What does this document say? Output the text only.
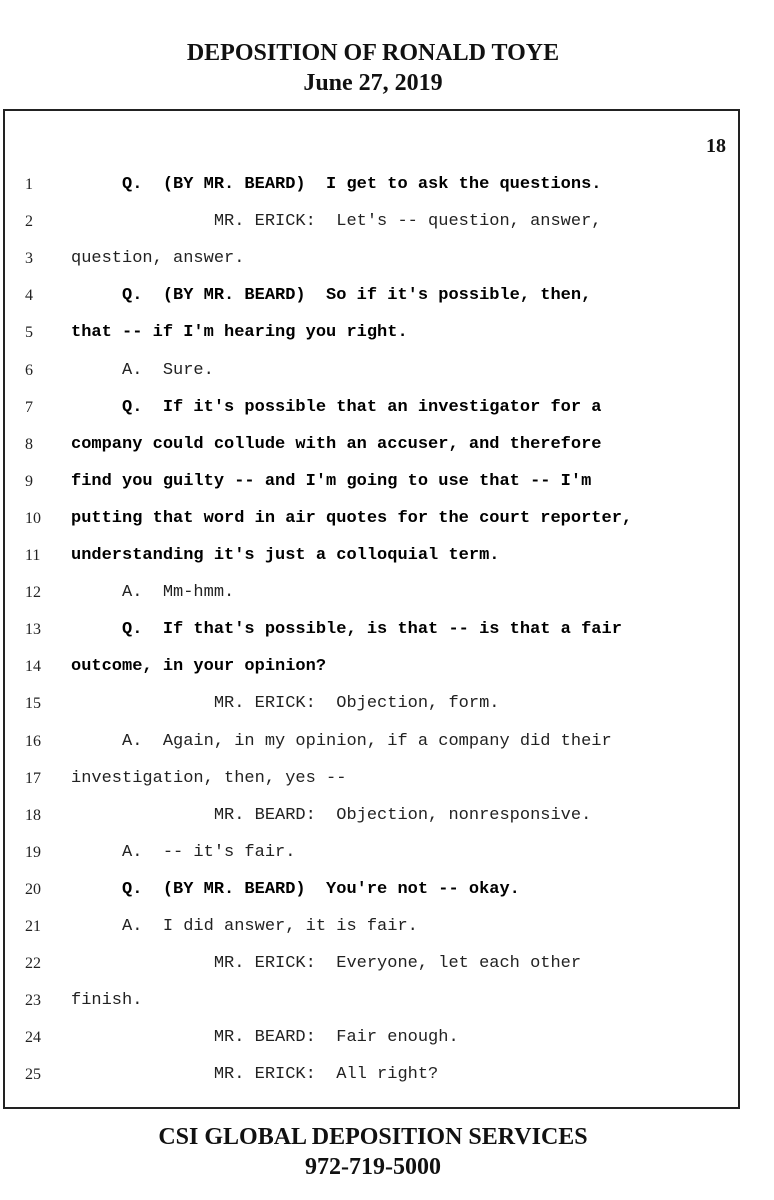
DEPOSITION OF RONALD TOYE
June 27, 2019
18
1 Q.  (BY MR. BEARD)  I get to ask the questions.
2 MR. ERICK:  Let's -- question, answer,
3 question, answer.
4 Q.  (BY MR. BEARD)  So if it's possible, then,
5 that -- if I'm hearing you right.
6 A.  Sure.
7 Q.  If it's possible that an investigator for a
8 company could collude with an accuser, and therefore
9 find you guilty -- and I'm going to use that -- I'm
10 putting that word in air quotes for the court reporter,
11 understanding it's just a colloquial term.
12 A.  Mm-hmm.
13 Q.  If that's possible, is that -- is that a fair
14 outcome, in your opinion?
15 MR. ERICK:  Objection, form.
16 A.  Again, in my opinion, if a company did their
17 investigation, then, yes --
18 MR. BEARD:  Objection, nonresponsive.
19 A.  -- it's fair.
20 Q.  (BY MR. BEARD)  You're not -- okay.
21 A.  I did answer, it is fair.
22 MR. ERICK:  Everyone, let each other
23 finish.
24 MR. BEARD:  Fair enough.
25 MR. ERICK:  All right?
CSI GLOBAL DEPOSITION SERVICES
972-719-5000
